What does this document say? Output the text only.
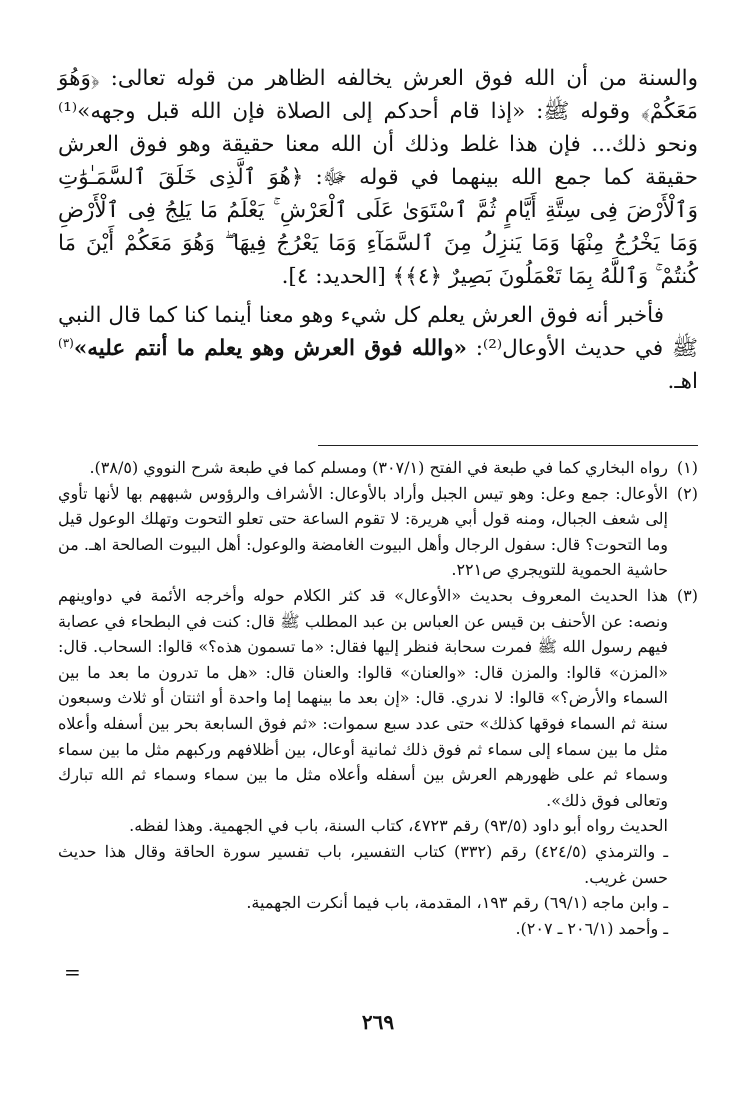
والسنة من أن الله فوق العرش يخالفه الظاهر من قوله تعالى: ﴿وَهُوَ مَعَكُمْ﴾ وقوله ﷺ: «إذا قام أحدكم إلى الصلاة فإن الله قبل وجهه»⁽¹⁾ ونحو ذلك... فإن هذا غلط وذلك أن الله معنا حقيقة وهو فوق العرش حقيقة كما جمع الله بينهما في قوله ﷻ: ﴿هُوَ ٱلَّذِى خَلَقَ ٱلسَّمَـٰوَٰتِ وَٱلْأَرْضَ فِى سِتَّةِ أَيَّامٍ ثُمَّ ٱسْتَوَىٰ عَلَى ٱلْعَرْشِ ۚ يَعْلَمُ مَا يَلِجُ فِى ٱلْأَرْضِ وَمَا يَخْرُجُ مِنْهَا وَمَا يَنزِلُ مِنَ ٱلسَّمَآءِ وَمَا يَعْرُجُ فِيهَا ۖ وَهُوَ مَعَكُمْ أَيْنَ مَا كُنتُمْ ۚ وَٱللَّهُ بِمَا تَعْمَلُونَ بَصِيرٌ ﴿٤﴾﴾ [الحديد: ٤].

فأخبر أنه فوق العرش يعلم كل شيء وهو معنا أينما كنا كما قال النبي ﷺ في حديث الأوعال⁽²⁾: «والله فوق العرش وهو يعلم ما أنتم عليه»$^{(٣)}$ اهـ.

(١)

رواه البخاري كما في طبعة في الفتح (٣٠٧/١) ومسلم كما في طبعة شرح النووي (٣٨/٥).

(٢)

الأوعال: جمع وعل: وهو تيس الجبل وأراد بالأوعال: الأشراف والرؤوس شبههم بها لأنها تأوي إلى شعف الجبال، ومنه قول أبي هريرة: لا تقوم الساعة حتى تعلو التحوت وتهلك الوعول قيل وما التحوت؟ قال: سفول الرجال وأهل البيوت الغامضة والوعول: أهل البيوت الصالحة اهـ. من حاشية الحموية للتويجري ص٢٢١.

(٣)

هذا الحديث المعروف بحديث «الأوعال» قد كثر الكلام حوله وأخرجه الأئمة في دواوينهم ونصه: عن الأحنف بن قيس عن العباس بن عبد المطلب ﷺ قال: كنت في البطحاء في عصابة فيهم رسول الله ﷺ فمرت سحابة فنظر إليها فقال: «ما تسمون هذه؟» قالوا: السحاب. قال: «المزن» قالوا: والمزن قال: «والعنان» قالوا: والعنان قال: «هل ما تدرون ما بعد ما بين السماء والأرض؟» قالوا: لا ندري. قال: «إن بعد ما بينهما إما واحدة أو اثنتان أو ثلاث وسبعون سنة ثم السماء فوقها كذلك» حتى عدد سبع سموات: «ثم فوق السابعة بحر بين أسفله وأعلاه مثل ما بين سماء إلى سماء ثم فوق ذلك ثمانية أوعال، بين أظلافهم وركبهم مثل ما بين سماء وسماء ثم على ظهورهم العرش بين أسفله وأعلاه مثل ما بين سماء وسماء ثم الله تبارك وتعالى فوق ذلك».

الحديث رواه أبو داود (٩٣/٥) رقم ٤٧٢٣، كتاب السنة، باب في الجهمية. وهذا لفظه.

ـ والترمذي (٤٢٤/٥) رقم (٣٣٢) كتاب التفسير، باب تفسير سورة الحاقة وقال هذا حديث حسن غريب.

ـ وابن ماجه (٦٩/١) رقم ١٩٣، المقدمة، باب فيما أنكرت الجهمية.

ـ وأحمد (٢٠٦/١ ـ ٢٠٧).

=
٢٦٩
